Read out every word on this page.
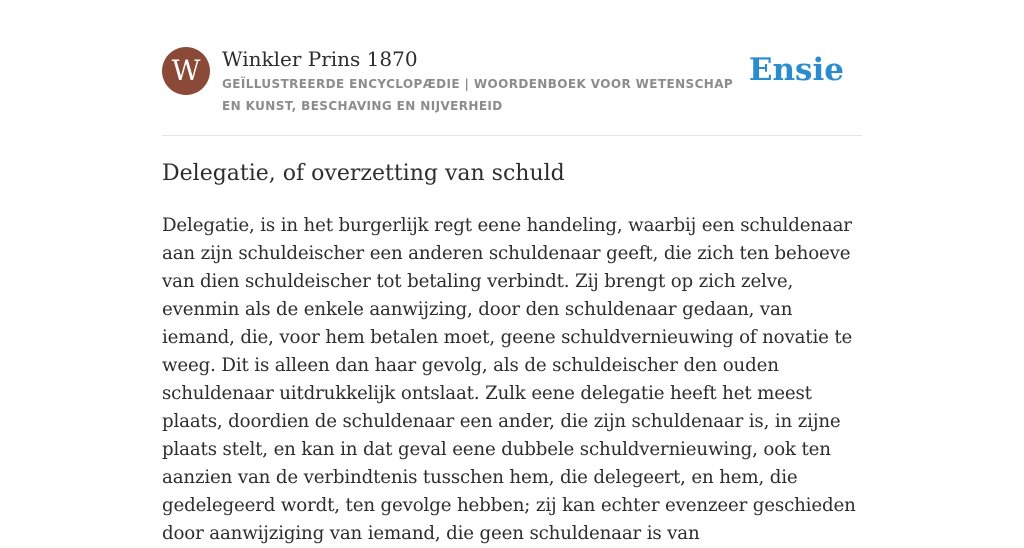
W	Winkler Prins 1870
GEÏLLUSTREERDE ENCYCLOPÆDIE | WOORDENBOEK VOOR WETENSCHAP EN KUNST, BESCHAVING EN NIJVERHEID
Ensie
Delegatie, of overzetting van schuld

Delegatie, is in het burgerlijk regt eene handeling, waarbij een schuldenaar aan zijn schuldeischer een anderen schuldenaar geeft, die zich ten behoeve van dien schuldeischer tot betaling verbindt. Zij brengt op zich zelve, evenmin als de enkele aanwijzing, door den schuldenaar gedaan, van iemand, die, voor hem betalen moet, geene schuldvernieuwing of novatie te weeg. Dit is alleen dan haar gevolg, als de schuldeischer den ouden schuldenaar uitdrukkelijk ontslaat. Zulk eene delegatie heeft het meest plaats, doordien de schuldenaar een ander, die zijn schuldenaar is, in zijne plaats stelt, en kan in dat geval eene dubbele schuldvernieuwing, ook ten aanzien van de verbindtenis tusschen hem, die delegeert, en hem, die gedelegeerd wordt, ten gevolge hebben; zij kan echter evenzeer geschieden door aanwijziging van iemand, die geen schuldenaar is van
